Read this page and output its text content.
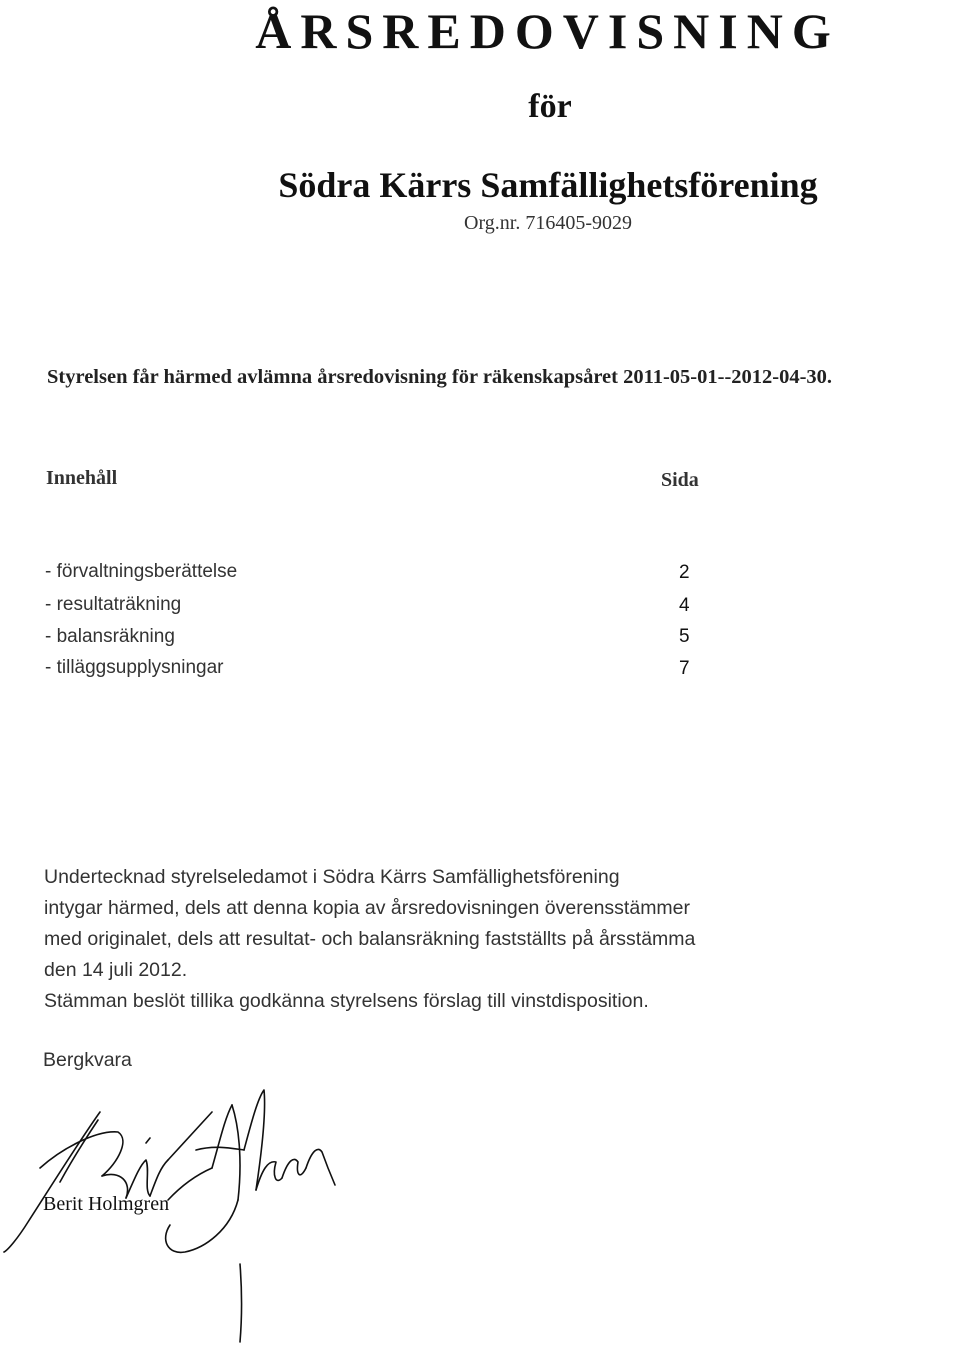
ÅRSREDOVISNING
för
Södra Kärrs Samfällighetsförening
Org.nr. 716405-9029
Styrelsen får härmed avlämna årsredovisning för räkenskapsåret 2011-05-01--2012-04-30.
Innehåll	Sida
- förvaltningsberättelse	2
- resultaträkning	4
- balansräkning	5
- tilläggsupplysningar	7
Undertecknad styrelseledamot i Södra Kärrs Samfällighetsförening
intygar härmed, dels att denna kopia av årsredovisningen överensstämmer
med originalet, dels att resultat- och balansräkning fastställts på årsstämma
den 14 juli 2012.
Stämman beslöt tillika godkänna styrelsens förslag till vinstdisposition.
Bergkvara
Berit Holmgren
